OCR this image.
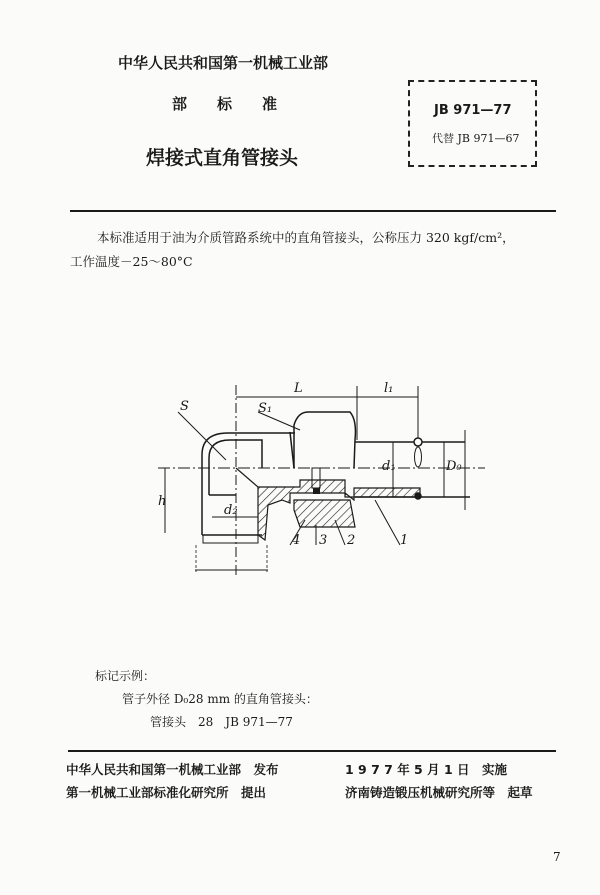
中华人民共和国第一机械工业部
部　　标　　准
焊接式直角管接头
JB 971—77
代替 JB 971—67
本标准适用于油为介质管路系统中的直角管接头，公称压力 320 kgf/cm²，
工作温度－25～80°C
L	l₁
S	S₁
d₁	D₀
h
d₂
4 3 2	1
标记示例：
管子外径 D₀28 mm 的直角管接头：
管接头　28　JB 971—77
中华人民共和国第一机械工业部　发布	1 9 7 7 年 5 月 1 日　实施
第一机械工业部标准化研究所　提出	济南铸造锻压机械研究所等　起草
7
